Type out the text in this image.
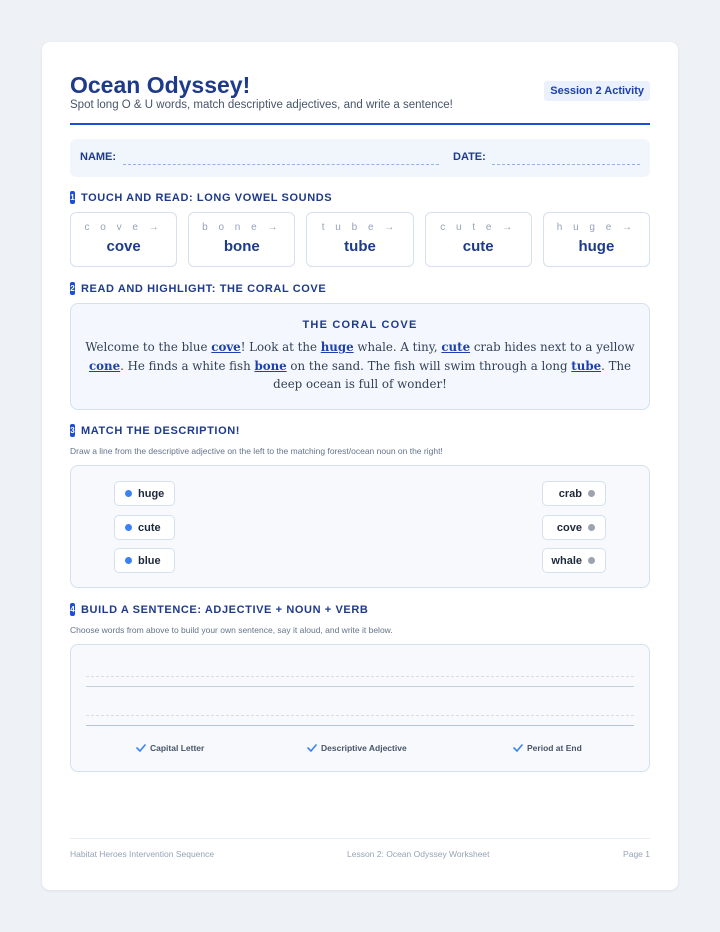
Ocean Odyssey!
Spot long O & U words, match descriptive adjectives, and write a sentence!
Session 2 Activity
NAME:	DATE:
1 TOUCH AND READ: LONG VOWEL SOUNDS
c o v e →
cove
b o n e →
bone
t u b e →
tube
c u t e →
cute
h u g e →
huge
2 READ AND HIGHLIGHT: THE CORAL COVE
THE CORAL COVE
Welcome to the blue cove! Look at the huge whale. A tiny, cute crab hides next to a yellow cone. He finds a white fish bone on the sand. The fish will swim through a long tube. The deep ocean is full of wonder!
3 MATCH THE DESCRIPTION!
Draw a line from the descriptive adjective on the left to the matching forest/ocean noun on the right!
huge
cute
blue
crab
cove
whale
4 BUILD A SENTENCE: ADJECTIVE + NOUN + VERB
Choose words from above to build your own sentence, say it aloud, and write it below.
Capital Letter	Descriptive Adjective	Period at End
Habitat Heroes Intervention Sequence	Lesson 2: Ocean Odyssey Worksheet	Page 1
